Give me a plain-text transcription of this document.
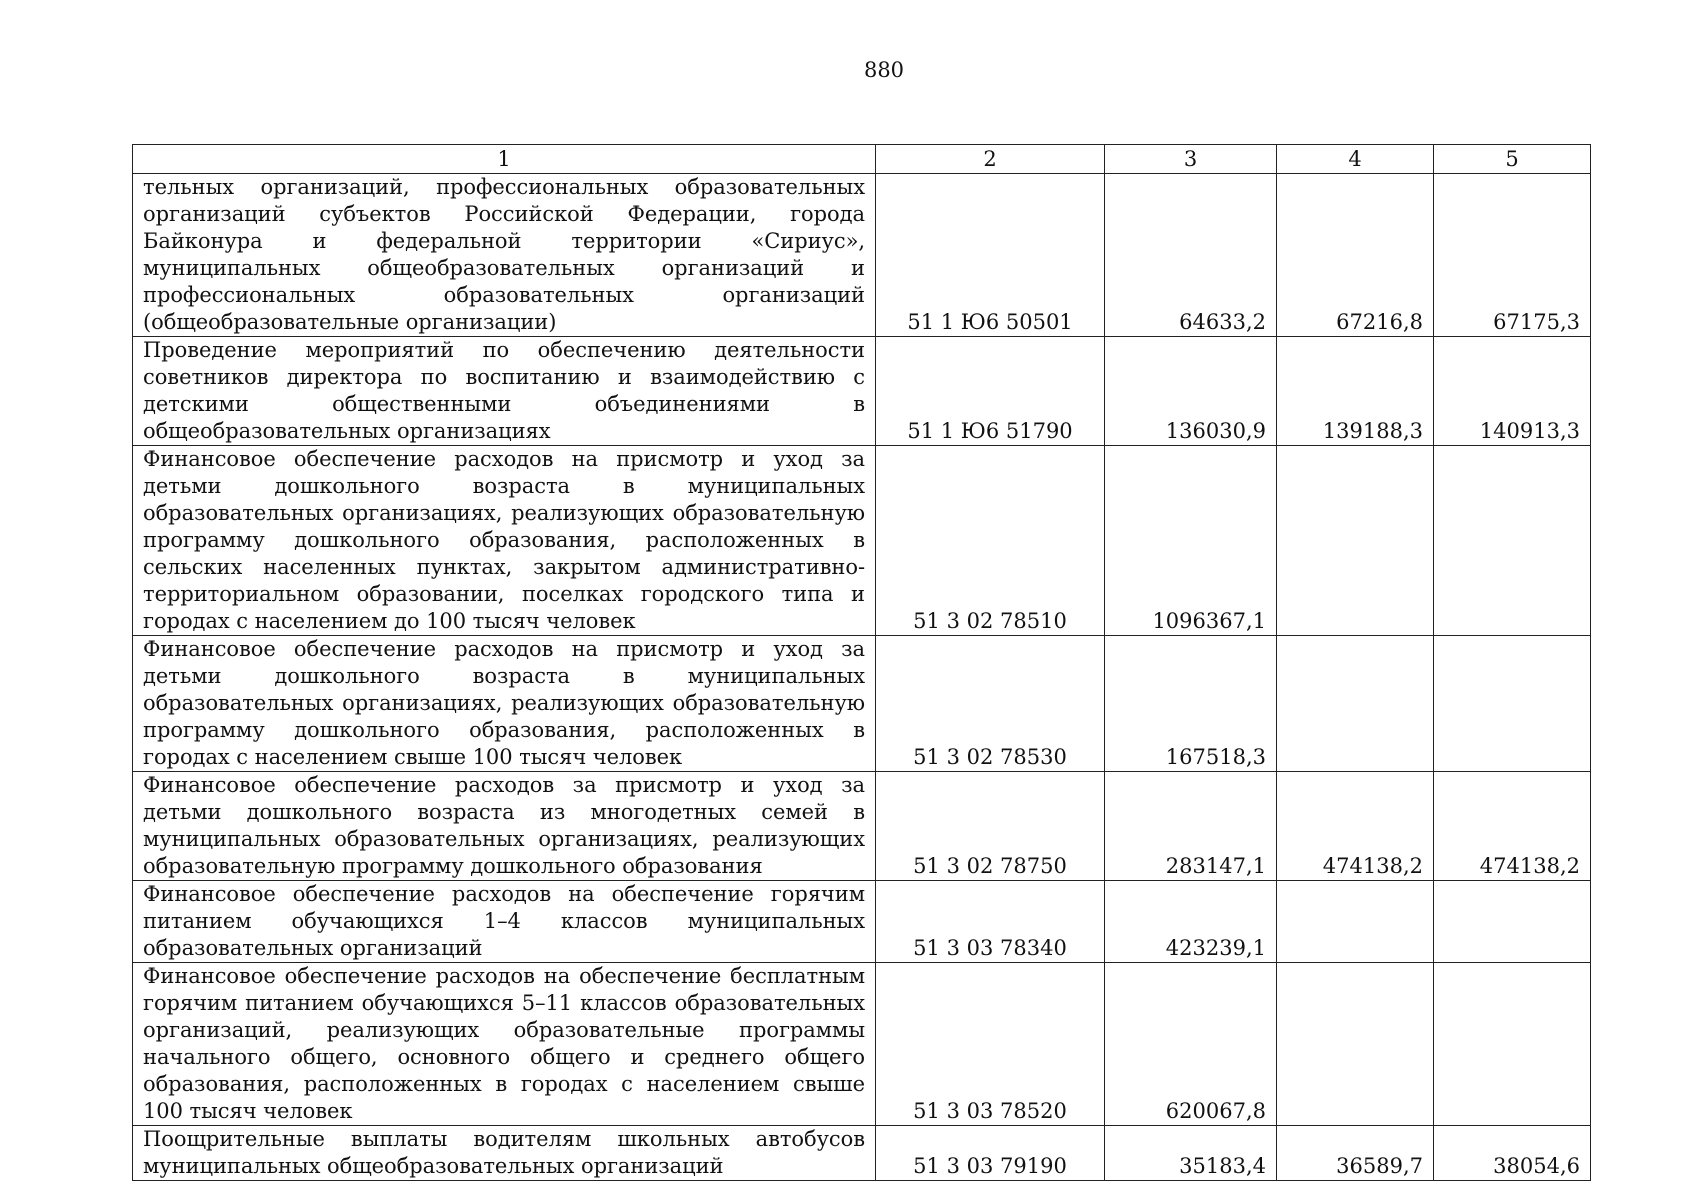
880
1	2	3	4	5
тельных организаций, профессиональных образовательных организаций субъектов Российской Федерации, города Байконура и федеральной территории «Сириус», муниципальных общеобразовательных организаций и профессиональных образовательных организаций (общеобразовательные организации)	51 1 Ю6 50501	64633,2	67216,8	67175,3
Проведение мероприятий по обеспечению деятельности советников директора по воспитанию и взаимодействию с детскими общественными объединениями в общеобразовательных организациях	51 1 Ю6 51790	136030,9	139188,3	140913,3
Финансовое обеспечение расходов на присмотр и уход за детьми дошкольного возраста в муниципальных образовательных организациях, реализующих образовательную программу дошкольного образования, расположенных в сельских населенных пунктах, закрытом административно-территориальном образовании, поселках городского типа и городах с населением до 100 тысяч человек	51 3 02 78510	1096367,1		
Финансовое обеспечение расходов на присмотр и уход за детьми дошкольного возраста в муниципальных образовательных организациях, реализующих образовательную программу дошкольного образования, расположенных в городах с населением свыше 100 тысяч человек	51 3 02 78530	167518,3		
Финансовое обеспечение расходов за присмотр и уход за детьми дошкольного возраста из многодетных семей в муниципальных образовательных организациях, реализующих образовательную программу дошкольного образования	51 3 02 78750	283147,1	474138,2	474138,2
Финансовое обеспечение расходов на обеспечение горячим питанием обучающихся 1–4 классов муниципальных образовательных организаций	51 3 03 78340	423239,1		
Финансовое обеспечение расходов на обеспечение бесплатным горячим питанием обучающихся 5–11 классов образовательных организаций, реализующих образовательные программы начального общего, основного общего и среднего общего образования, расположенных в городах с населением свыше 100 тысяч человек	51 3 03 78520	620067,8		
Поощрительные выплаты водителям школьных автобусов муниципальных общеобразовательных организаций	51 3 03 79190	35183,4	36589,7	38054,6
